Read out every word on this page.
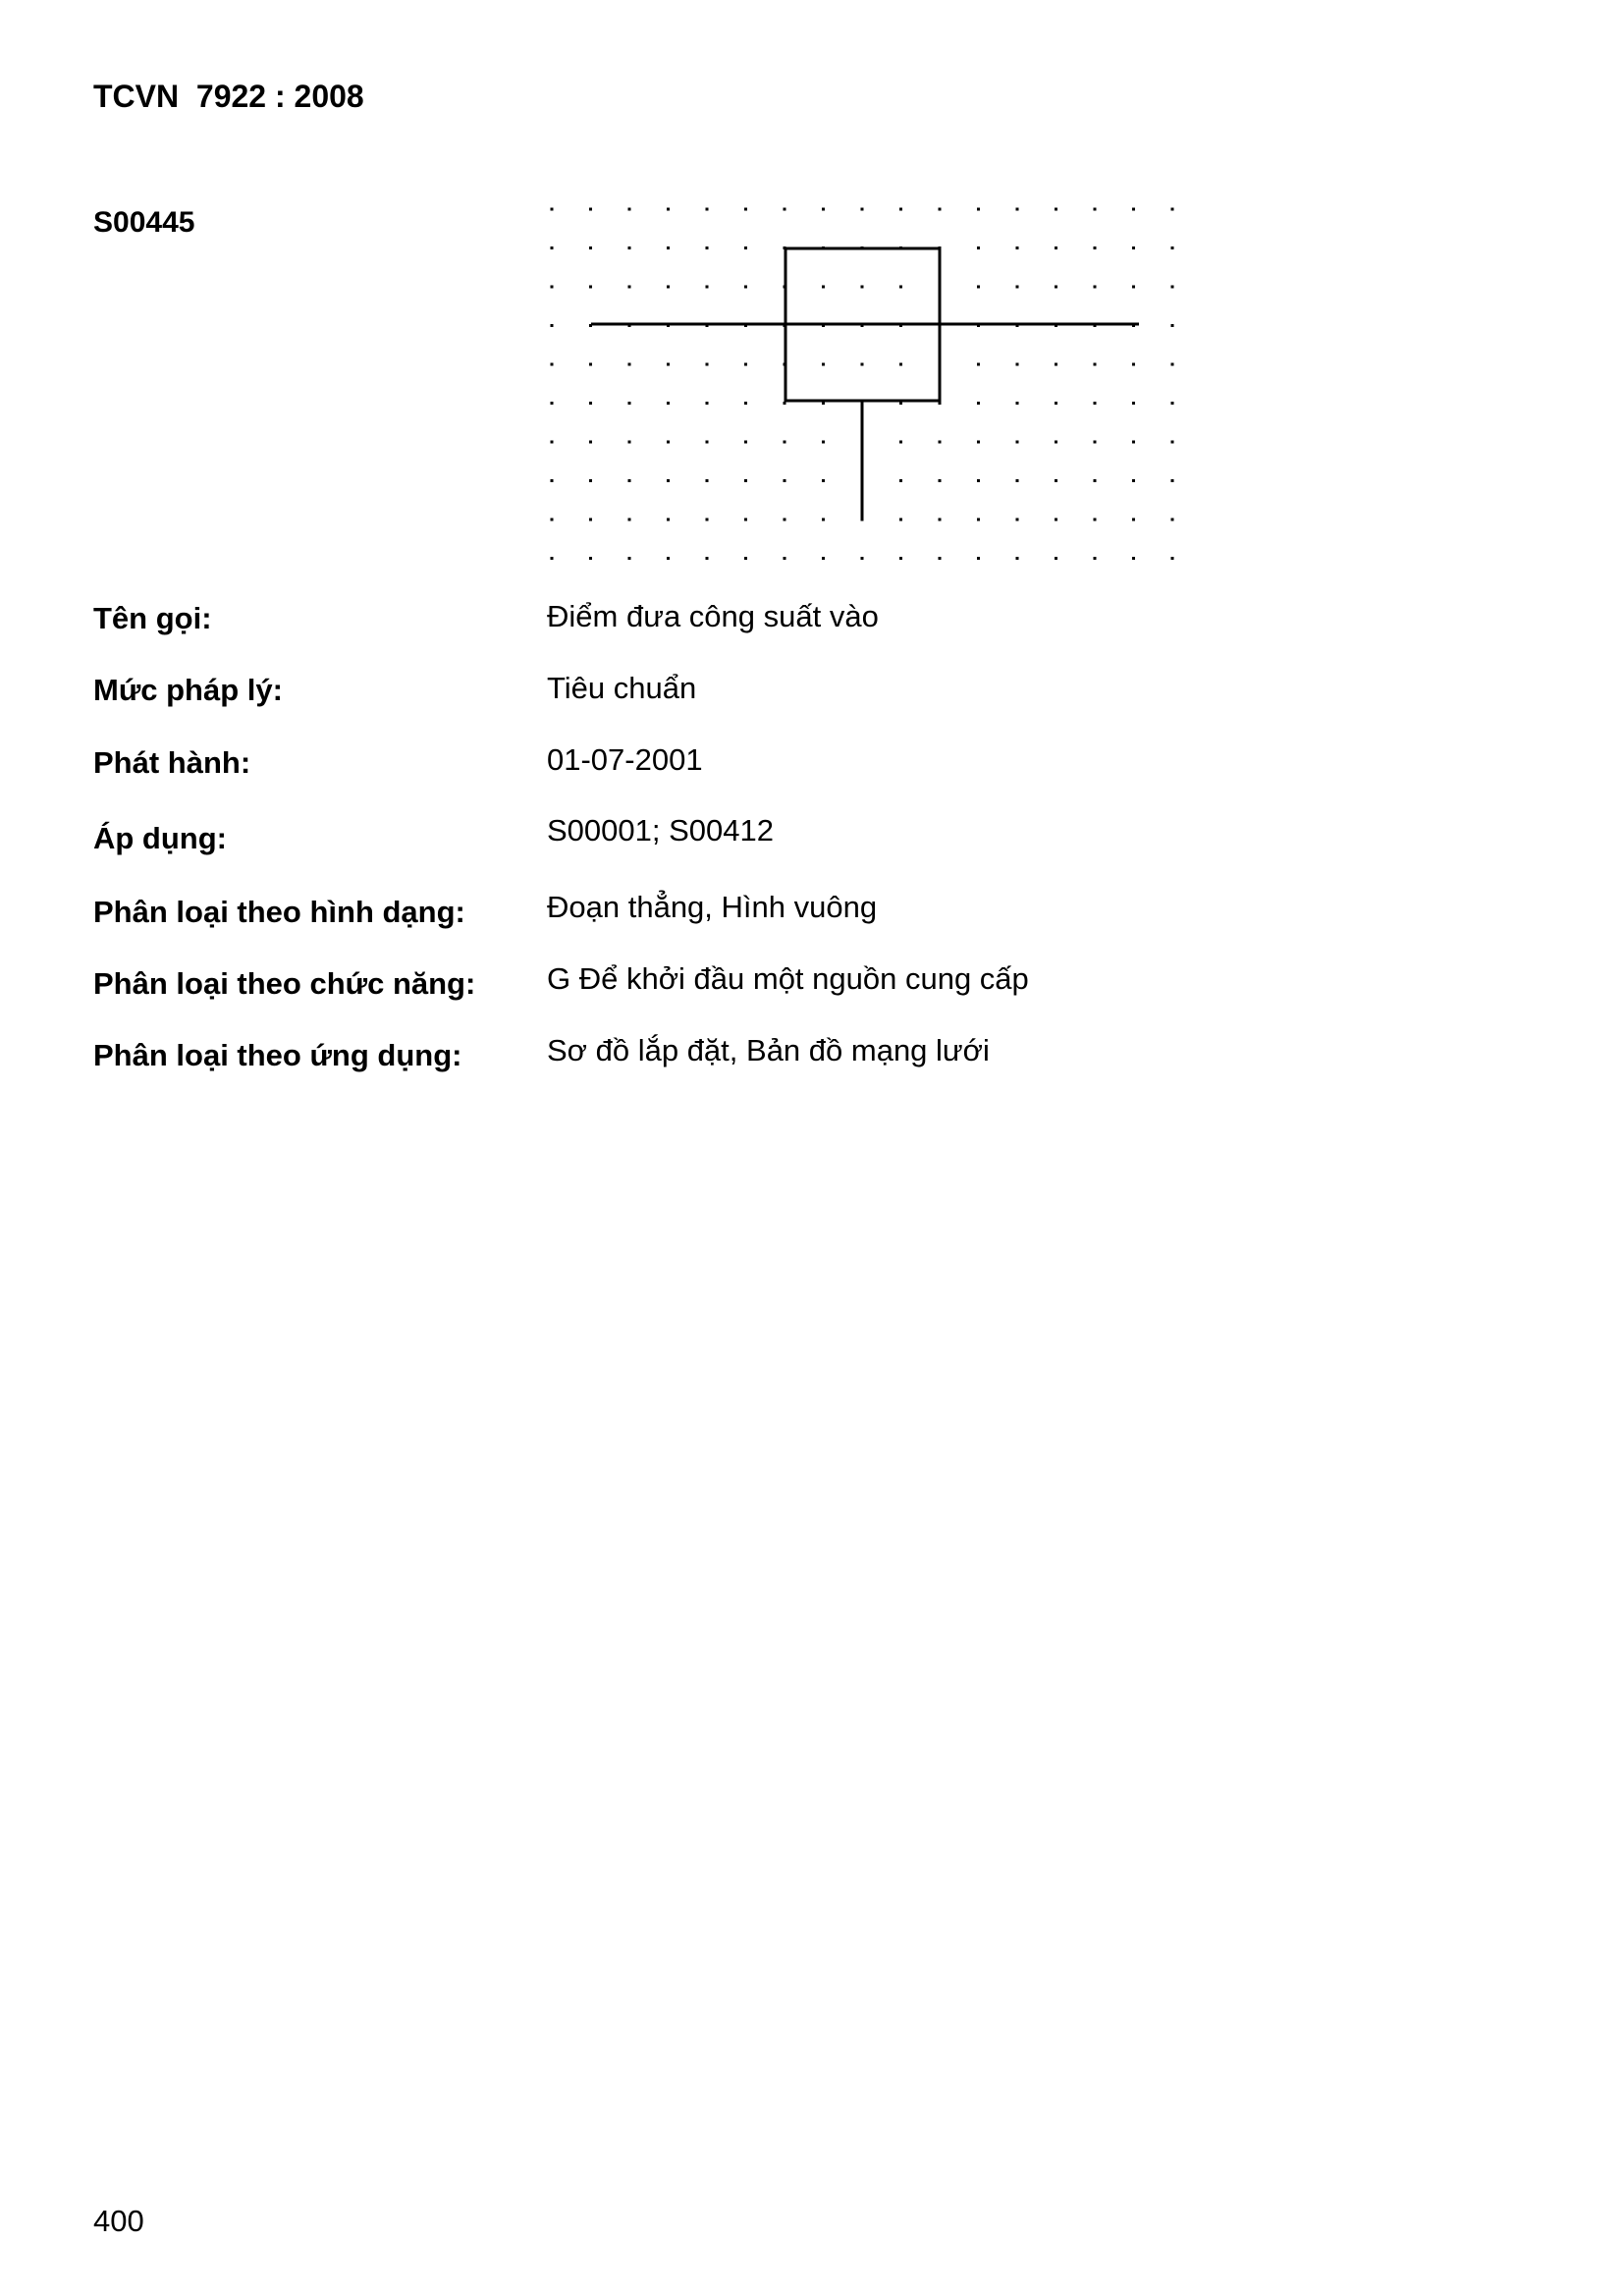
TCVN  7922 : 2008
S00445
Tên gọi:	Điểm đưa công suất vào
Mức pháp lý:	Tiêu chuẩn
Phát hành:	01-07-2001
Áp dụng:	S00001; S00412
Phân loại theo hình dạng:	Đoạn thẳng, Hình vuông
Phân loại theo chức năng: G Để khởi đầu một nguồn cung cấp
Phân loại theo ứng dụng:	Sơ đồ lắp đặt, Bản đồ mạng lưới
400
